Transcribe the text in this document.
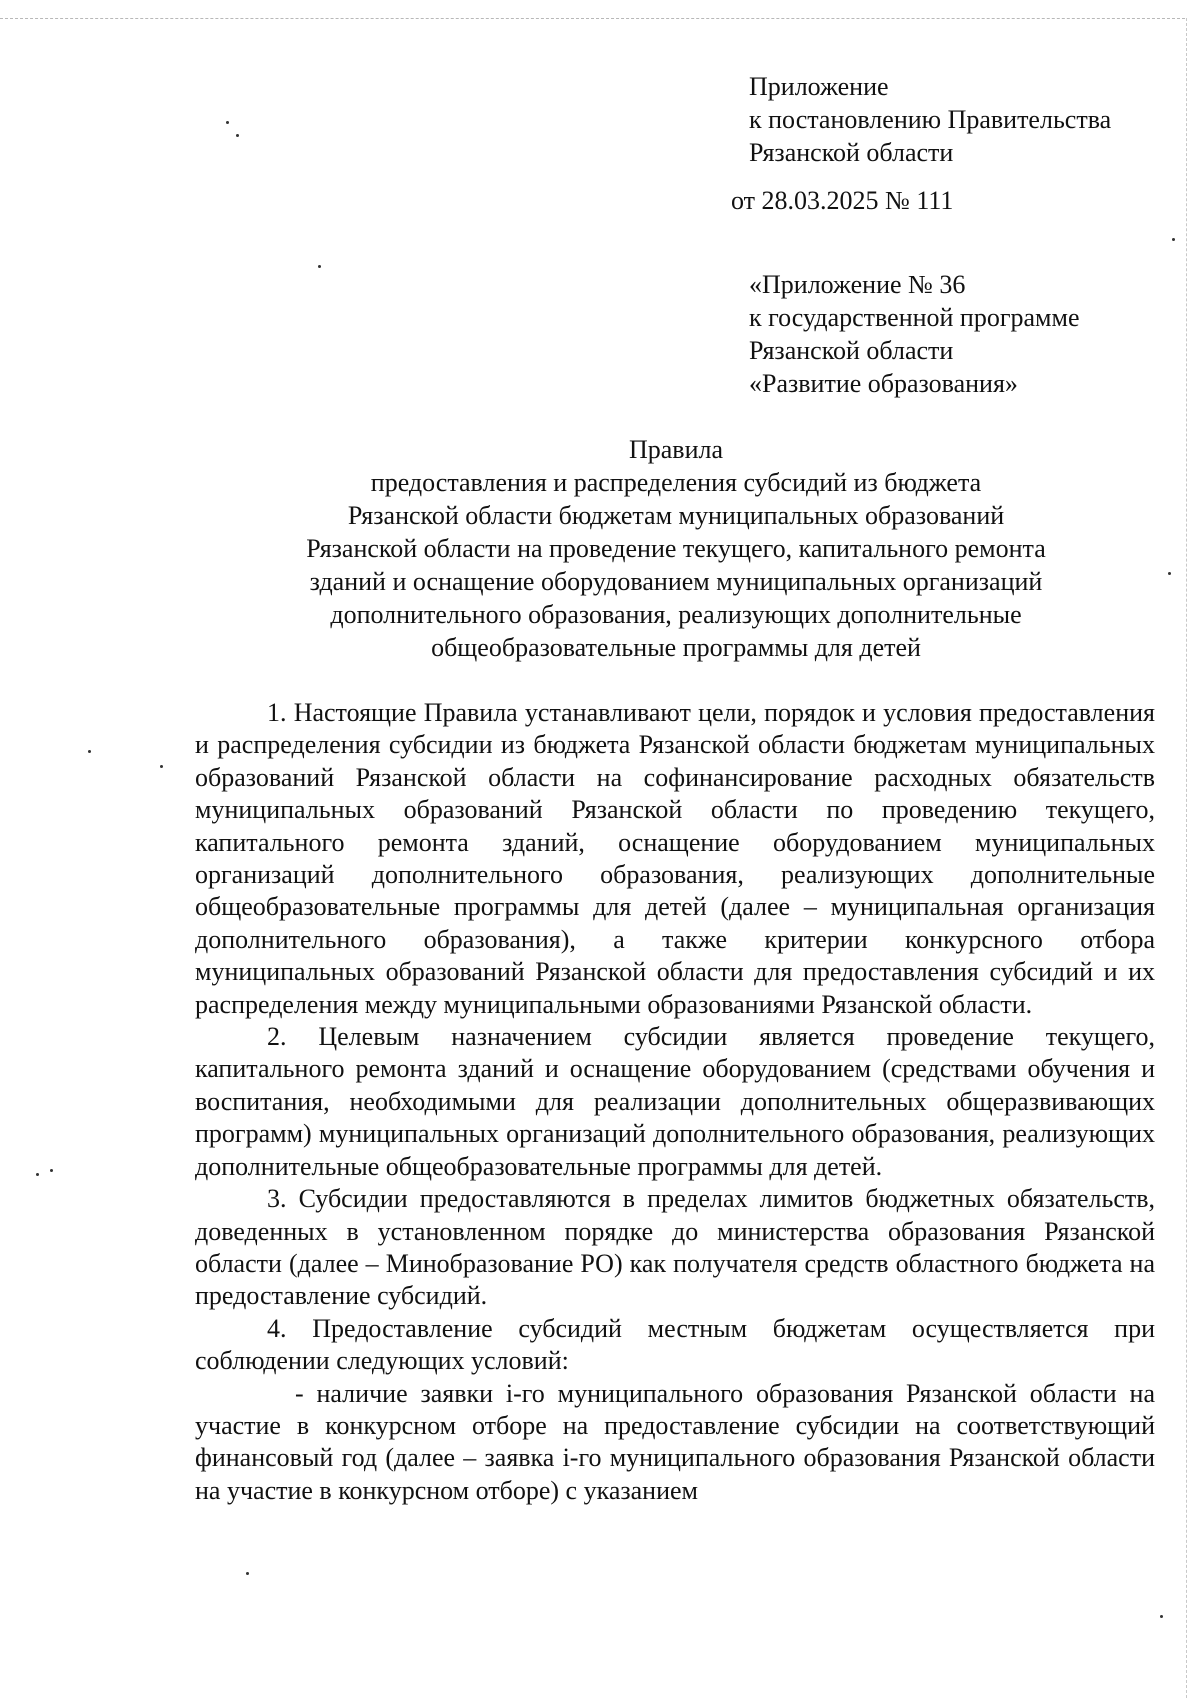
Приложение
к постановлению Правительства
Рязанской области
от 28.03.2025 № 111
«Приложение № 36
к государственной программе
Рязанской области
«Развитие образования»
Правила
предоставления и распределения субсидий из бюджета
Рязанской области бюджетам муниципальных образований
Рязанской области на проведение текущего, капитального ремонта
зданий и оснащение оборудованием муниципальных организаций
дополнительного образования, реализующих дополнительные
общеобразовательные программы для детей

1. Настоящие Правила устанавливают цели, порядок и условия предоставления и распределения субсидии из бюджета Рязанской области бюджетам муниципальных образований Рязанской области на софинансирование расходных обязательств муниципальных образований Рязанской области по проведению текущего, капитального ремонта зданий, оснащение оборудованием муниципальных организаций дополнительного образования, реализующих дополнительные общеобразовательные программы для детей (далее – муниципальная организация дополнительного образования), а также критерии конкурсного отбора муниципальных образований Рязанской области для предоставления субсидий и их распределения между муниципальными образованиями Рязанской области.

2. Целевым назначением субсидии является проведение текущего, капитального ремонта зданий и оснащение оборудованием (средствами обучения и воспитания, необходимыми для реализации дополнительных общеразвивающих программ) муниципальных организаций дополнительного образования, реализующих дополнительные общеобразовательные программы для детей.

3. Субсидии предоставляются в пределах лимитов бюджетных обязательств, доведенных в установленном порядке до министерства образования Рязанской области (далее – Минобразование РО) как получателя средств областного бюджета на предоставление субсидий.

4. Предоставление субсидий местным бюджетам осуществляется при соблюдении следующих условий:

- наличие заявки i-го муниципального образования Рязанской области на участие в конкурсном отборе на предоставление субсидии на соответствующий финансовый год (далее – заявка i-го муниципального образования Рязанской области на участие в конкурсном отборе) с указанием
